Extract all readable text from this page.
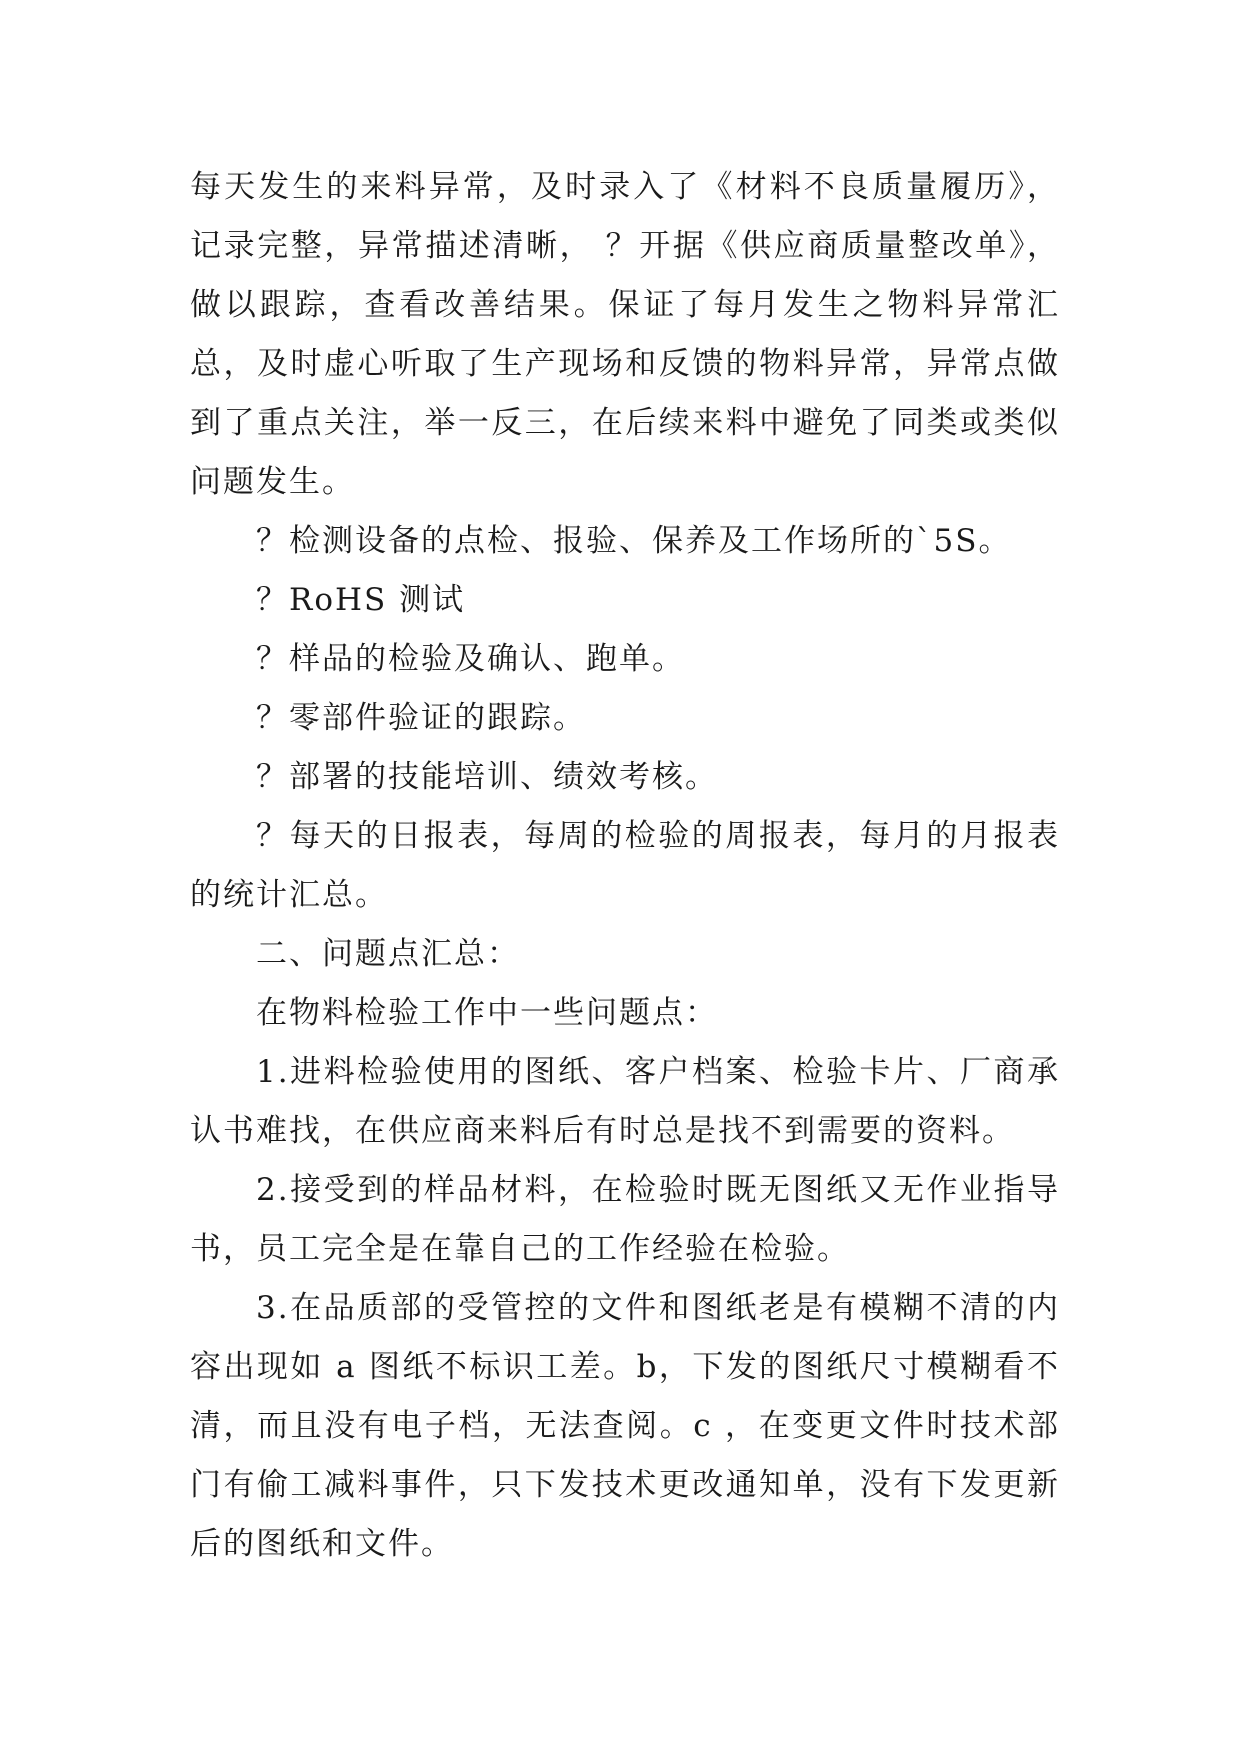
每天发生的来料异常，及时录入了《材料不良质量履历》，记录完整，异常描述清晰， ？开据《供应商质量整改单》，做以跟踪，查看改善结果。保证了每月发生之物料异常汇总，及时虚心听取了生产现场和反馈的物料异常，异常点做到了重点关注，举一反三，在后续来料中避免了同类或类似问题发生。

？检测设备的点检、报验、保养及工作场所的`5S。

？RoHS 测试

？样品的检验及确认、跑单。

？零部件验证的跟踪。

？部署的技能培训、绩效考核。

？每天的日报表，每周的检验的周报表，每月的月报表的统计汇总。

二、问题点汇总：

在物料检验工作中一些问题点：

1.进料检验使用的图纸、客户档案、检验卡片、厂商承认书难找，在供应商来料后有时总是找不到需要的资料。

2.接受到的样品材料，在检验时既无图纸又无作业指导书，员工完全是在靠自己的工作经验在检验。

3.在品质部的受管控的文件和图纸老是有模糊不清的内容出现如 a 图纸不标识工差。b，下发的图纸尺寸模糊看不清，而且没有电子档，无法查阅。c ，在变更文件时技术部门有偷工减料事件，只下发技术更改通知单，没有下发更新后的图纸和文件。
